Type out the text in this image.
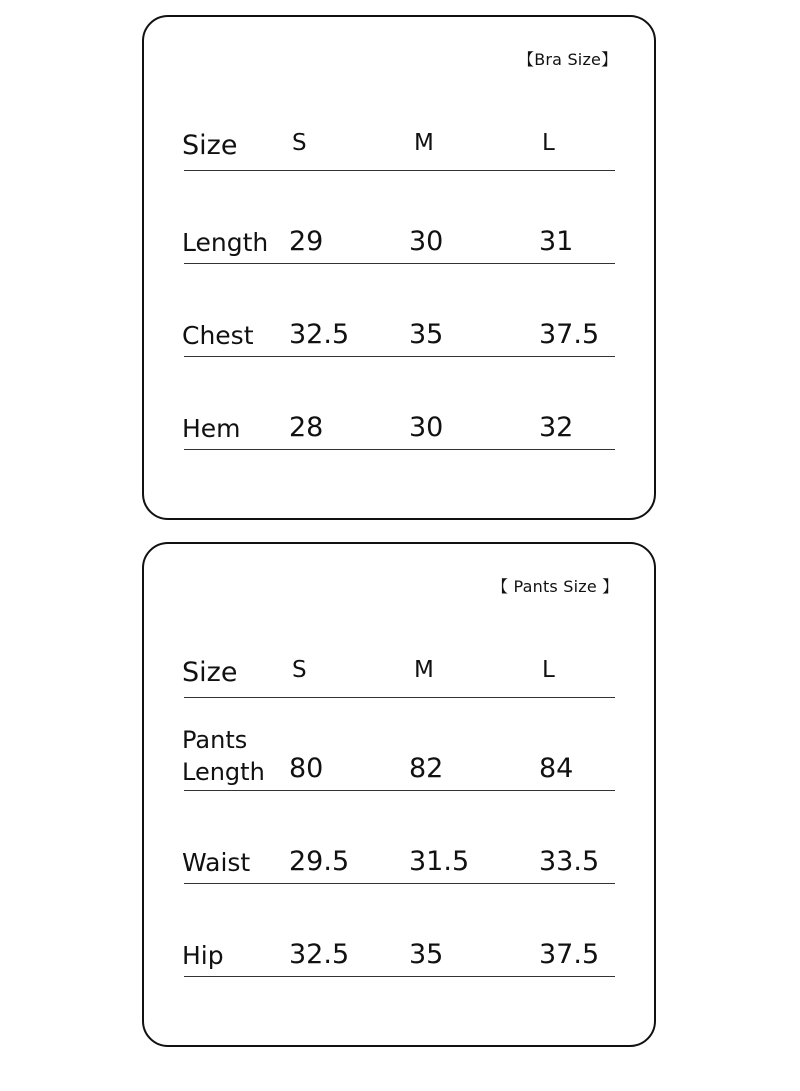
【Bra Size】
Size S	M	L
Length 29	30	31
Chest 32.5 35	37.5
Hem 28	30	32
【 Pants Size 】
Size S	M	L
Pants Length 80	82	84
Waist 29.5 31.5	33.5
Hip 32.5 35	37.5
